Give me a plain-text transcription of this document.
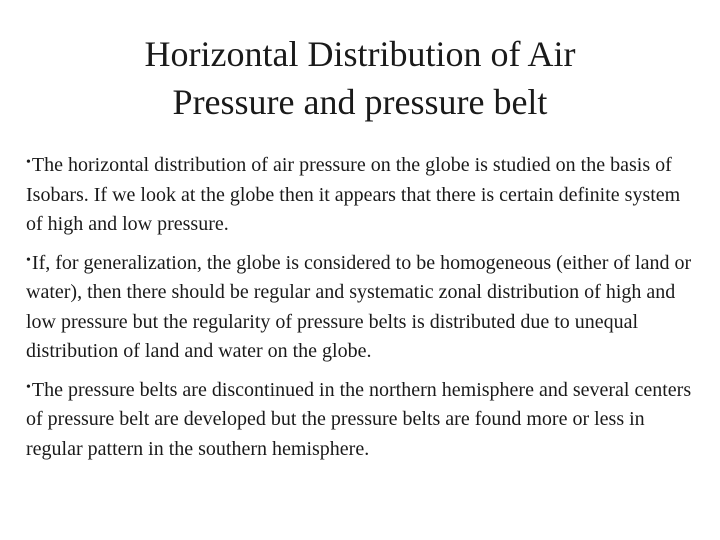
Horizontal Distribution of Air
Pressure and pressure belt

•The horizontal distribution of air pressure on the globe is studied on the basis of Isobars. If we look at the globe then it appears that there is certain definite system of high and low pressure.

•If, for generalization, the globe is considered to be homogeneous (either of land or water), then there should be regular and systematic zonal distribution of high and low pressure but the regularity of pressure belts is distributed due to unequal distribution of land and water on the globe.

•The pressure belts are discontinued in the northern hemisphere and several centers of pressure belt are developed but the pressure belts are found more or less in regular pattern in the southern hemisphere.
